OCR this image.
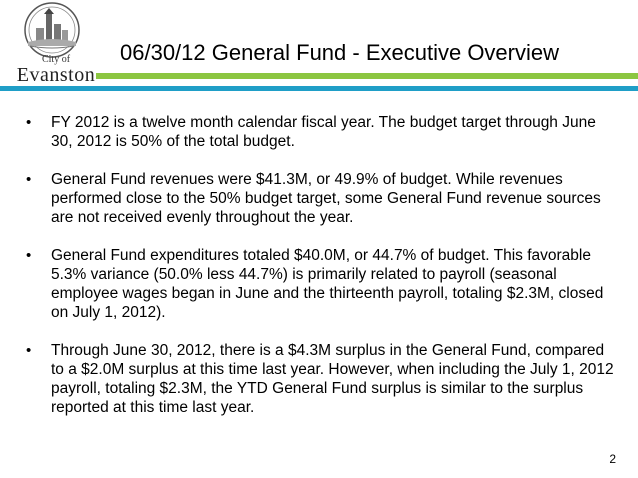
City of
Evanston
06/30/12 General Fund - Executive Overview
• FY 2012 is a twelve month calendar fiscal year. The budget target through June 30, 2012 is 50% of the total budget.
• General Fund revenues were $41.3M, or 49.9% of budget. While revenues performed close to the 50% budget target, some General Fund revenue sources are not received evenly throughout the year.
• General Fund expenditures totaled $40.0M, or 44.7% of budget. This favorable 5.3% variance (50.0% less 44.7%) is primarily related to payroll (seasonal employee wages began in June and the thirteenth payroll, totaling $2.3M, closed on July 1, 2012).
• Through June 30, 2012, there is a $4.3M surplus in the General Fund, compared to a $2.0M surplus at this time last year. However, when including the July 1, 2012 payroll, totaling $2.3M, the YTD General Fund surplus is similar to the surplus reported at this time last year.
2
